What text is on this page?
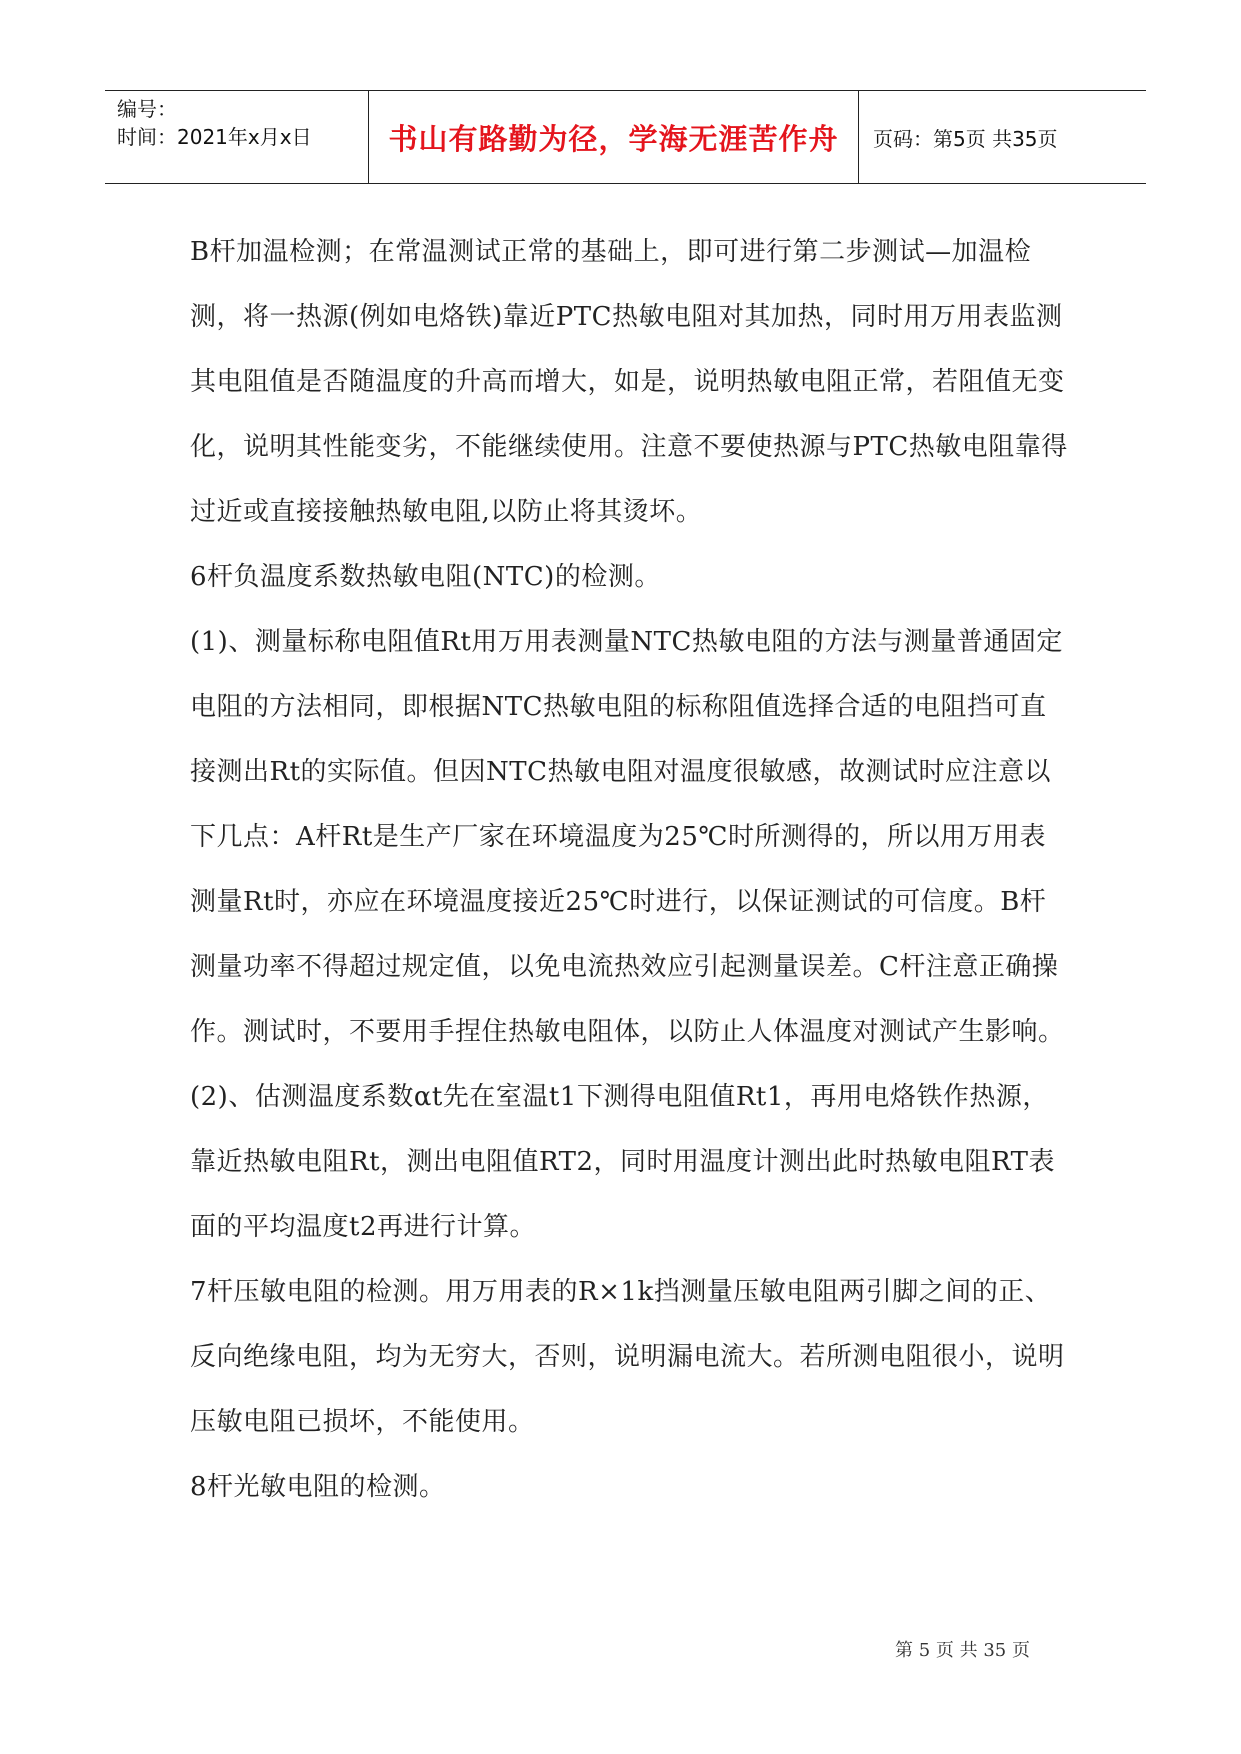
编号：
时间：2021年x月x日	书山有路勤为径，学海无涯苦作舟 页码：第5页 共35页

B杆加温检测；在常温测试正常的基础上，即可进行第二步测试—加温检测，将一热源(例如电烙铁)靠近PTC热敏电阻对其加热，同时用万用表监测其电阻值是否随温度的升高而增大，如是，说明热敏电阻正常，若阻值无变化，说明其性能变劣，不能继续使用。注意不要使热源与PTC热敏电阻靠得过近或直接接触热敏电阻,以防止将其烫坏。

6杆负温度系数热敏电阻(NTC)的检测。

(1)、测量标称电阻值Rt用万用表测量NTC热敏电阻的方法与测量普通固定电阻的方法相同，即根据NTC热敏电阻的标称阻值选择合适的电阻挡可直接测出Rt的实际值。但因NTC热敏电阻对温度很敏感，故测试时应注意以下几点：A杆Rt是生产厂家在环境温度为25℃时所测得的，所以用万用表测量Rt时，亦应在环境温度接近25℃时进行，以保证测试的可信度。B杆测量功率不得超过规定值，以免电流热效应引起测量误差。C杆注意正确操作。测试时，不要用手捏住热敏电阻体，以防止人体温度对测试产生影响。

(2)、估测温度系数αt先在室温t1下测得电阻值Rt1，再用电烙铁作热源，靠近热敏电阻Rt，测出电阻值RT2，同时用温度计测出此时热敏电阻RT表面的平均温度t2再进行计算。

7杆压敏电阻的检测。用万用表的R×1k挡测量压敏电阻两引脚之间的正、反向绝缘电阻，均为无穷大，否则，说明漏电流大。若所测电阻很小，说明压敏电阻已损坏，不能使用。

8杆光敏电阻的检测。

第 5 页 共 35 页
